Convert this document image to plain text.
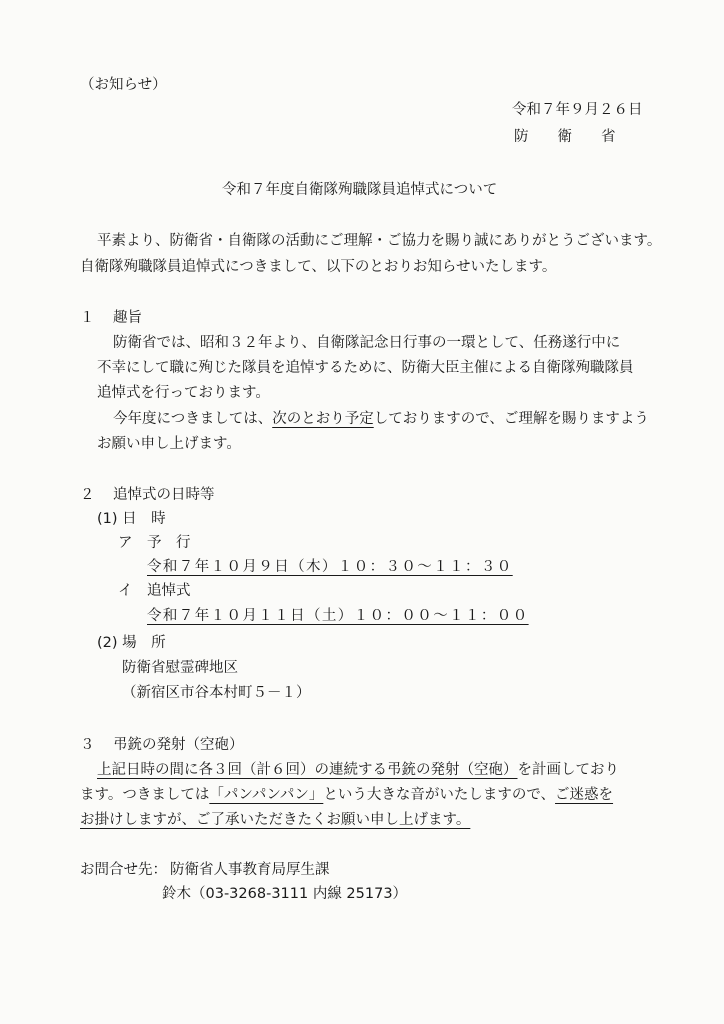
（お知らせ）
令和７年９月２６日
防　　衛　　省
令和７年度自衛隊殉職隊員追悼式について
平素より、防衛省・自衛隊の活動にご理解・ご協力を賜り誠にありがとうございます。
自衛隊殉職隊員追悼式につきまして、以下のとおりお知らせいたします。
１ 趣旨
防衛省では、昭和３２年より、自衛隊記念日行事の一環として、任務遂行中に
不幸にして職に殉じた隊員を追悼するために、防衛大臣主催による自衛隊殉職隊員
追悼式を行っております。
今年度につきましては、次のとおり予定しておりますので、ご理解を賜りますよう
お願い申し上げます。
２ 追悼式の日時等
(1) 日　時
ア　予　行
令和７年１０月９日（木）１０：３０～１１：３０
イ　追悼式
令和７年１０月１１日（土）１０：００～１１：００
(2) 場　所
防衛省慰霊碑地区
（新宿区市谷本村町５－１）
３ 弔銃の発射（空砲）
上記日時の間に各３回（計６回）の連続する弔銃の発射（空砲）を計画しており
ます。つきましては「パンパンパン」という大きな音がいたしますので、ご迷惑を
お掛けしますが、ご了承いただきたくお願い申し上げます。
お問合せ先： 防衛省人事教育局厚生課
鈴木（03-3268-3111 内線 25173）
